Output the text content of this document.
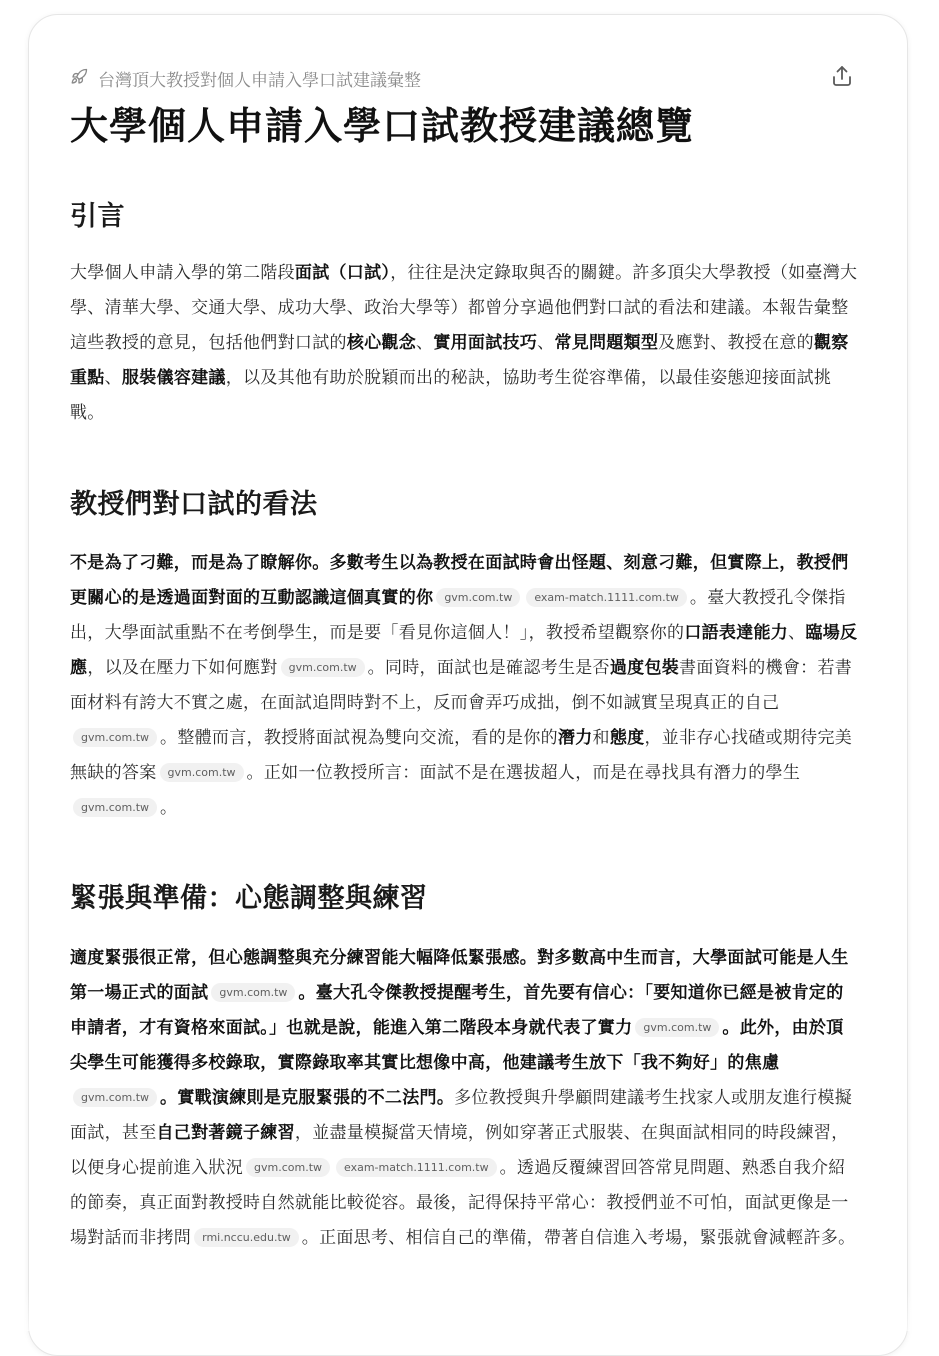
台灣頂大教授對個人申請入學口試建議彙整
大學個人申請入學口試教授建議總覽
引言

大學個人申請入學的第二階段面試（口試），往往是決定錄取與否的關鍵。許多頂尖大學教授（如臺灣大學、清華大學、交通大學、成功大學、政治大學等）都曾分享過他們對口試的看法和建議。本報告彙整這些教授的意見，包括他們對口試的核心觀念、實用面試技巧、常見問題類型及應對、教授在意的觀察重點、服裝儀容建議，以及其他有助於脫穎而出的秘訣，協助考生從容準備，以最佳姿態迎接面試挑戰。

教授們對口試的看法

不是為了刁難，而是為了瞭解你。多數考生以為教授在面試時會出怪題、刻意刁難，但實際上，教授們更關心的是透過面對面的互動認識這個真實的你 gvm.com.tw exam-match.1111.com.tw 。臺大教授孔令傑指出，大學面試重點不在考倒學生，而是要「看見你這個人！」，教授希望觀察你的口語表達能力、臨場反應，以及在壓力下如何應對 gvm.com.tw 。同時，面試也是確認考生是否過度包裝書面資料的機會：若書面材料有誇大不實之處，在面試追問時對不上，反而會弄巧成拙，倒不如誠實呈現真正的自己gvm.com.tw 。整體而言，教授將面試視為雙向交流，看的是你的潛力和態度，並非存心找碴或期待完美無缺的答案 gvm.com.tw 。正如一位教授所言：面試不是在選拔超人，而是在尋找具有潛力的學生gvm.com.tw 。

緊張與準備：心態調整與練習

適度緊張很正常，但心態調整與充分練習能大幅降低緊張感。對多數高中生而言，大學面試可能是人生第一場正式的面試 gvm.com.tw 。臺大孔令傑教授提醒考生，首先要有信心：「要知道你已經是被肯定的申請者，才有資格來面試。」也就是說，能進入第二階段本身就代表了實力 gvm.com.tw 。此外，由於頂尖學生可能獲得多校錄取，實際錄取率其實比想像中高，他建議考生放下「我不夠好」的焦慮gvm.com.tw 。實戰演練則是克服緊張的不二法門。多位教授與升學顧問建議考生找家人或朋友進行模擬面試，甚至自己對著鏡子練習，並盡量模擬當天情境，例如穿著正式服裝、在與面試相同的時段練習，以便身心提前進入狀況 gvm.com.tw exam-match.1111.com.tw 。透過反覆練習回答常見問題、熟悉自我介紹的節奏，真正面對教授時自然就能比較從容。最後，記得保持平常心：教授們並不可怕，面試更像是一場對話而非拷問 rmi.nccu.edu.tw 。正面思考、相信自己的準備，帶著自信進入考場，緊張就會減輕許多。
